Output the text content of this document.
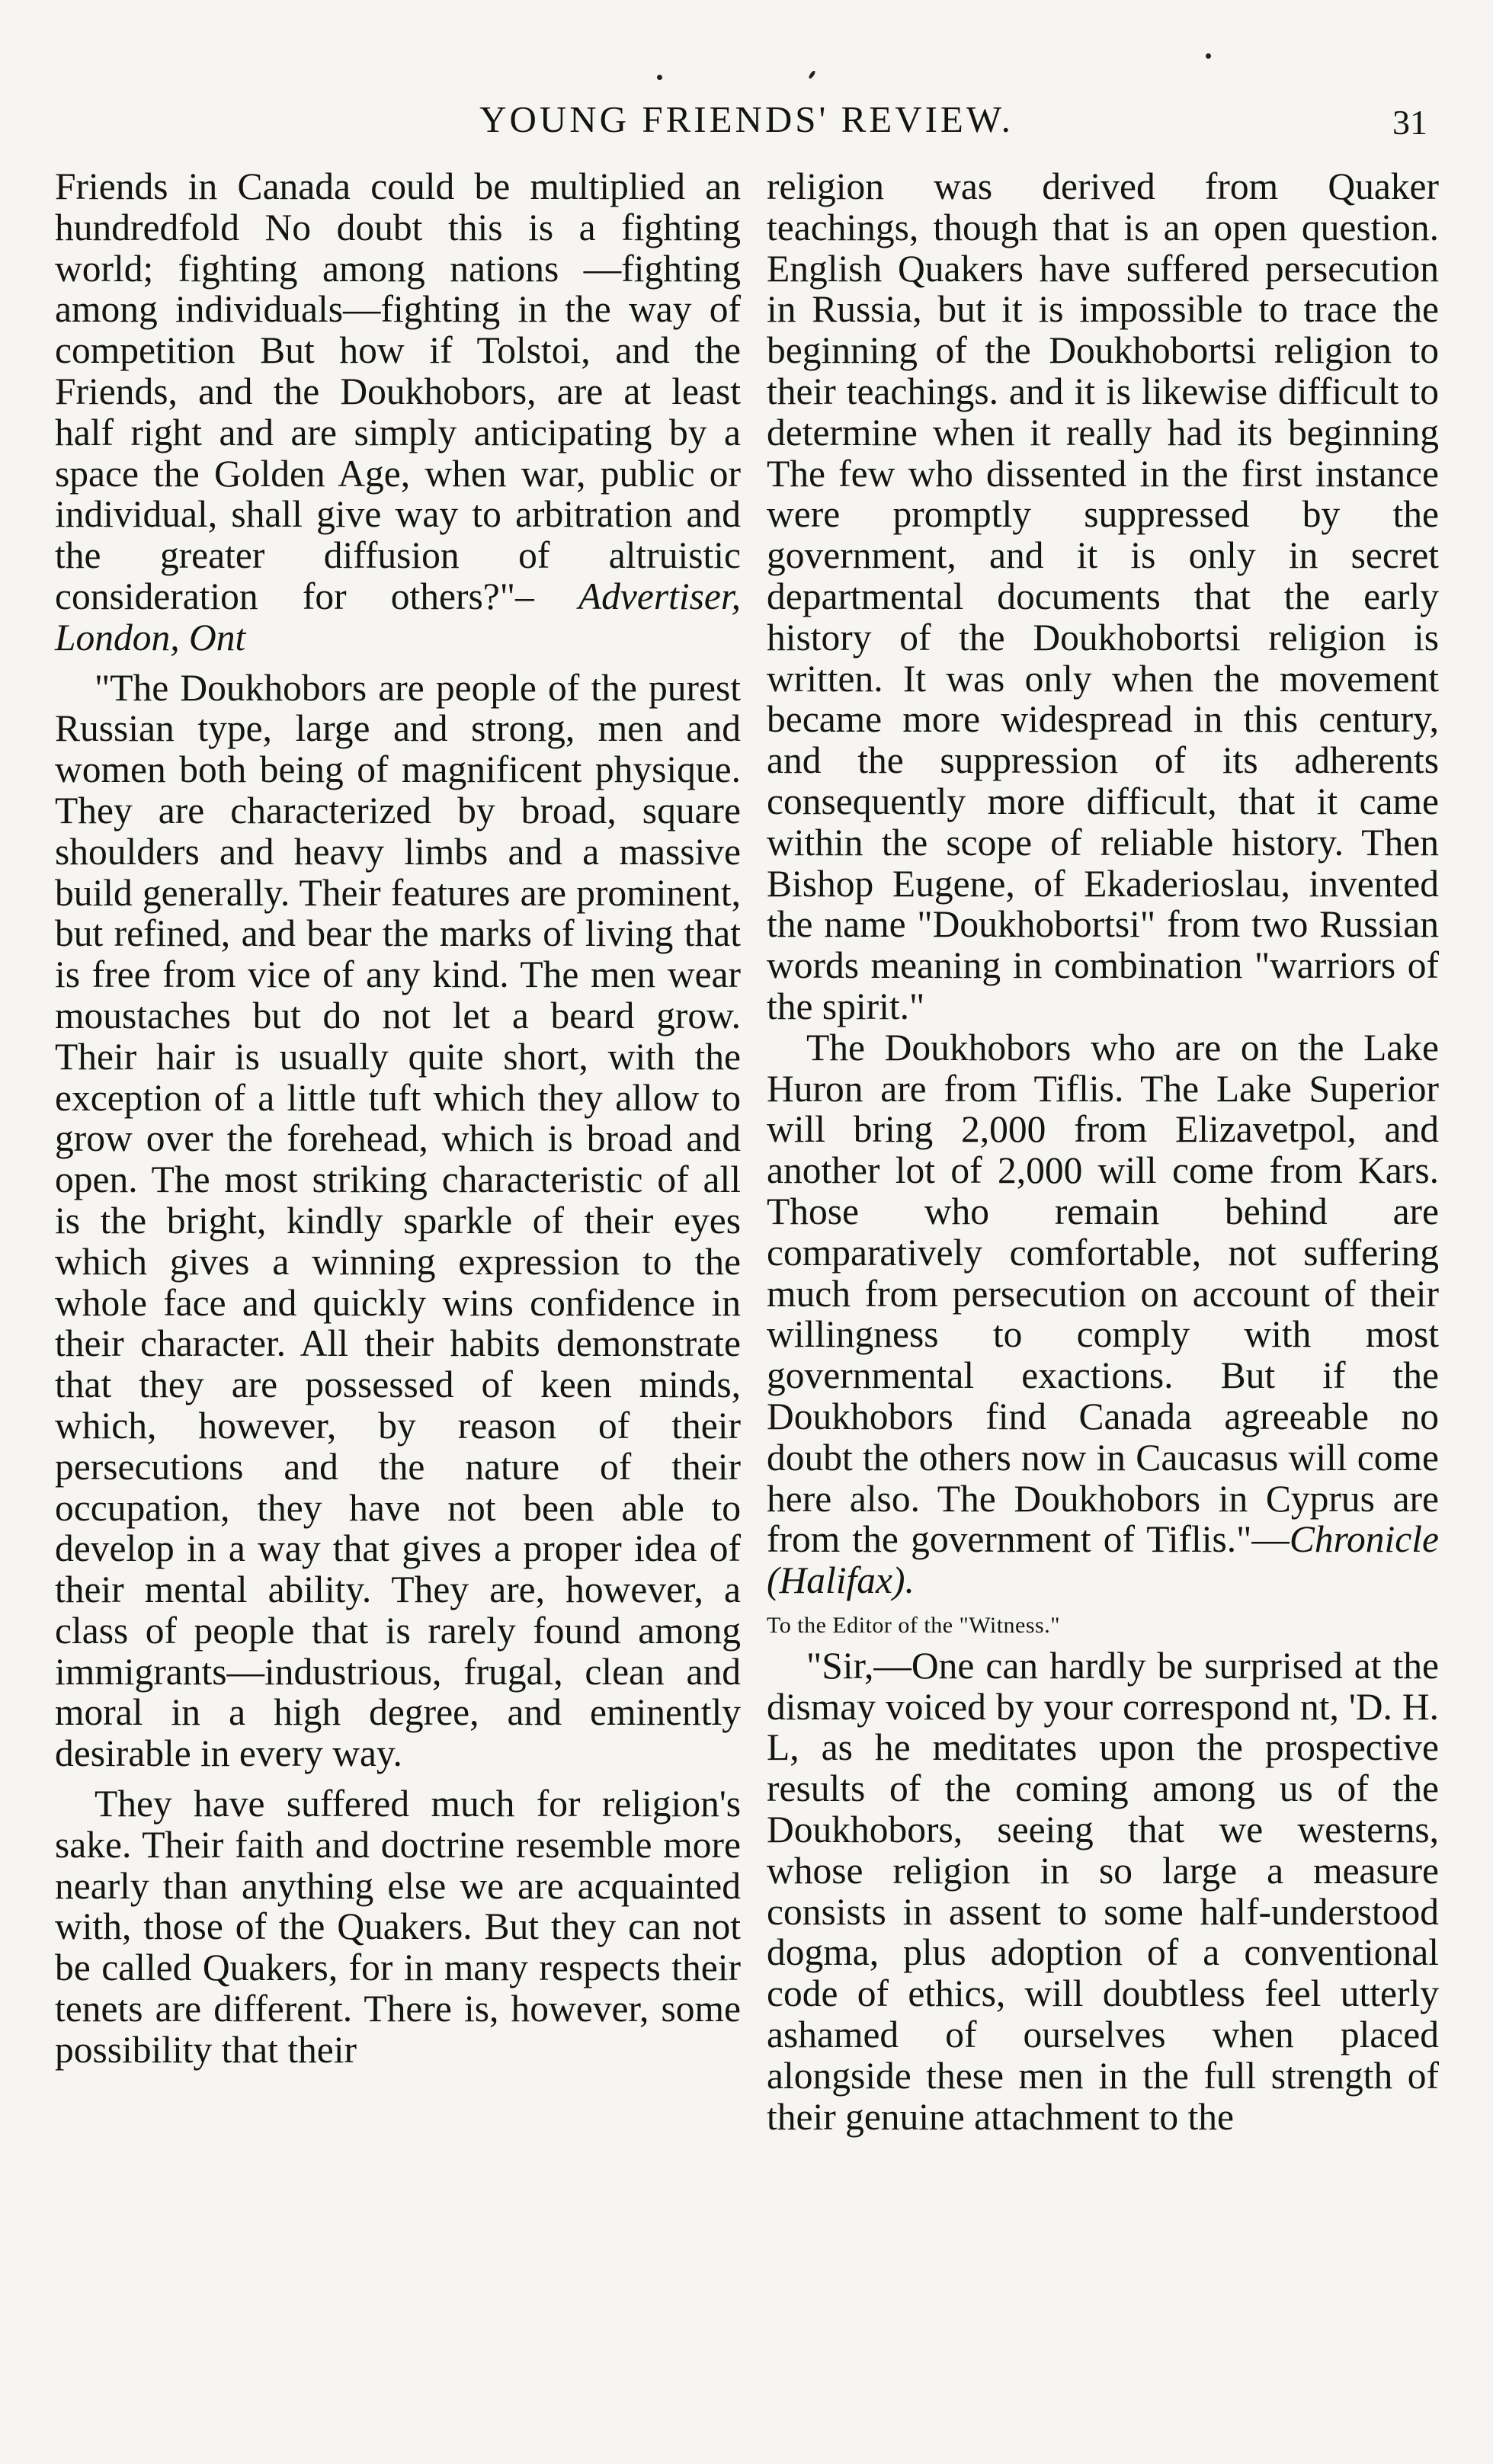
YOUNG FRIENDS' REVIEW.	31

Friends in Canada could be multiplied an hundredfold No doubt this is a fighting world; fighting among nations —fighting among individuals—fighting in the way of competition But how if Tolstoi, and the Friends, and the Doukhobors, are at least half right and are simply anticipating by a space the Golden Age, when war, public or individual, shall give way to arbitration and the greater diffusion of altruistic consideration for others?"– Advertiser, London, Ont

"The Doukhobors are people of the purest Russian type, large and strong, men and women both being of magnificent physique. They are characterized by broad, square shoulders and heavy limbs and a massive build generally. Their features are prominent, but refined, and bear the marks of living that is free from vice of any kind. The men wear moustaches but do not let a beard grow. Their hair is usually quite short, with the exception of a little tuft which they allow to grow over the forehead, which is broad and open. The most striking characteristic of all is the bright, kindly sparkle of their eyes which gives a winning expression to the whole face and quickly wins confidence in their character. All their habits demonstrate that they are possessed of keen minds, which, however, by reason of their persecutions and the nature of their occupation, they have not been able to develop in a way that gives a proper idea of their mental ability. They are, however, a class of people that is rarely found among immigrants—industrious, frugal, clean and moral in a high degree, and eminently desirable in every way.

They have suffered much for religion's sake. Their faith and doctrine resemble more nearly than anything else we are acquainted with, those of the Quakers. But they can not be called Quakers, for in many respects their tenets are different. There is, however, some possibility that their

religion was derived from Quaker teachings, though that is an open question. English Quakers have suffered persecution in Russia, but it is impossible to trace the beginning of the Doukhobortsi religion to their teachings. and it is likewise difficult to determine when it really had its beginning The few who dissented in the first instance were promptly suppressed by the government, and it is only in secret departmental documents that the early history of the Doukhobortsi religion is written. It was only when the movement became more widespread in this century, and the suppression of its adherents consequently more difficult, that it came within the scope of reliable history. Then Bishop Eugene, of Ekaderioslau, invented the name "Doukhobortsi" from two Russian words meaning in combination "warriors of the spirit."

The Doukhobors who are on the Lake Huron are from Tiflis. The Lake Superior will bring 2,000 from Elizavetpol, and another lot of 2,000 will come from Kars. Those who remain behind are comparatively comfortable, not suffering much from persecution on account of their willingness to comply with most governmental exactions. But if the Doukhobors find Canada agreeable no doubt the others now in Caucasus will come here also. The Doukhobors in Cyprus are from the government of Tiflis."—Chronicle (Halifax).

To the Editor of the "Witness."

"Sir,—One can hardly be surprised at the dismay voiced by your correspond nt, 'D. H. L, as he meditates upon the prospective results of the coming among us of the Doukhobors, seeing that we westerns, whose religion in so large a measure consists in assent to some half-understood dogma, plus adoption of a conventional code of ethics, will doubtless feel utterly ashamed of ourselves when placed alongside these men in the full strength of their genuine attachment to the
